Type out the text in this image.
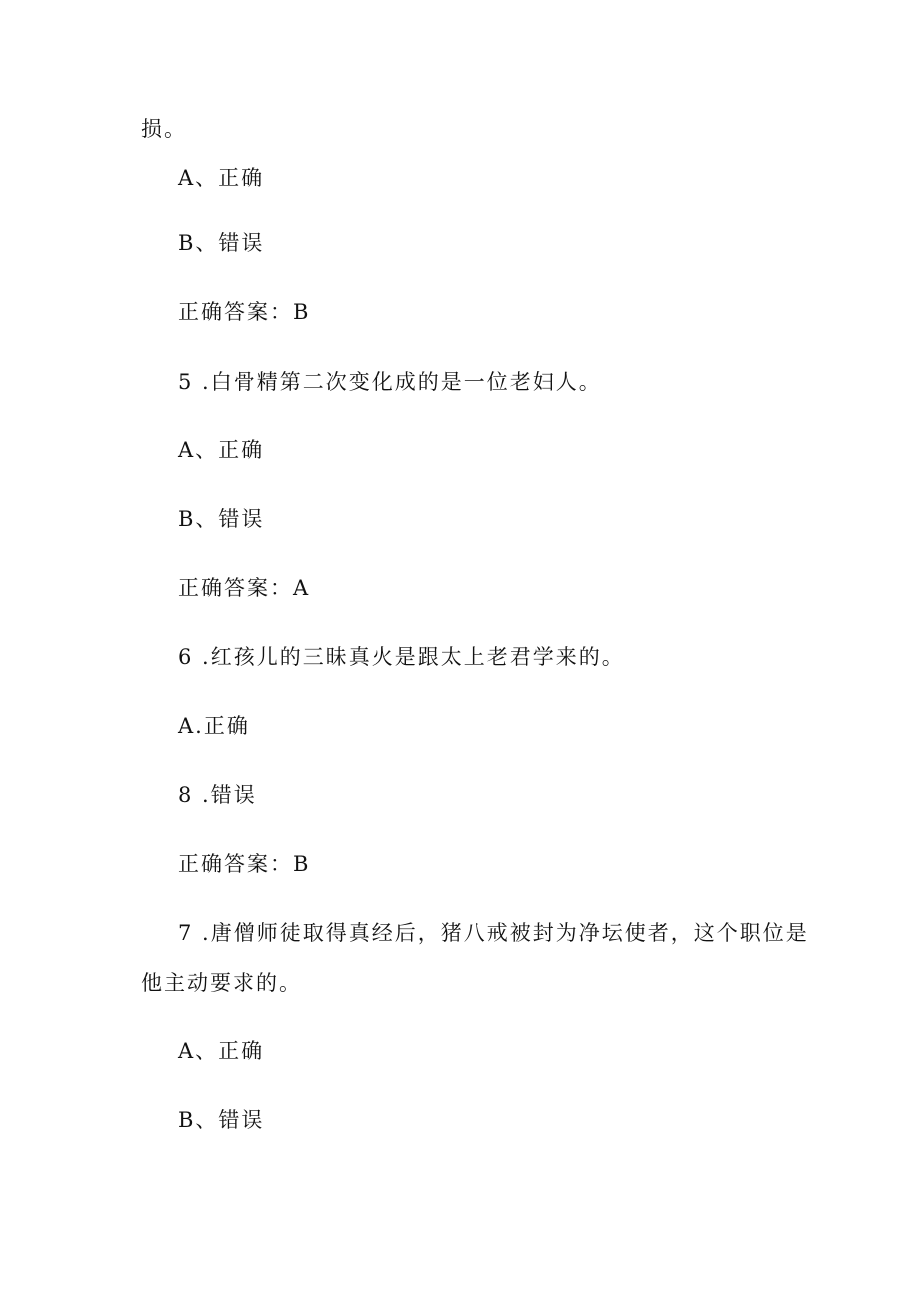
损。
A、正确
B、错误
正确答案：B
5 .白骨精第二次变化成的是一位老妇人。
A、正确
B、错误
正确答案：A
6 .红孩儿的三昧真火是跟太上老君学来的。
A.正确
8 .错误
正确答案：B
7 .唐僧师徒取得真经后，猪八戒被封为净坛使者，这个职位是
他主动要求的。
A、正确
B、错误
